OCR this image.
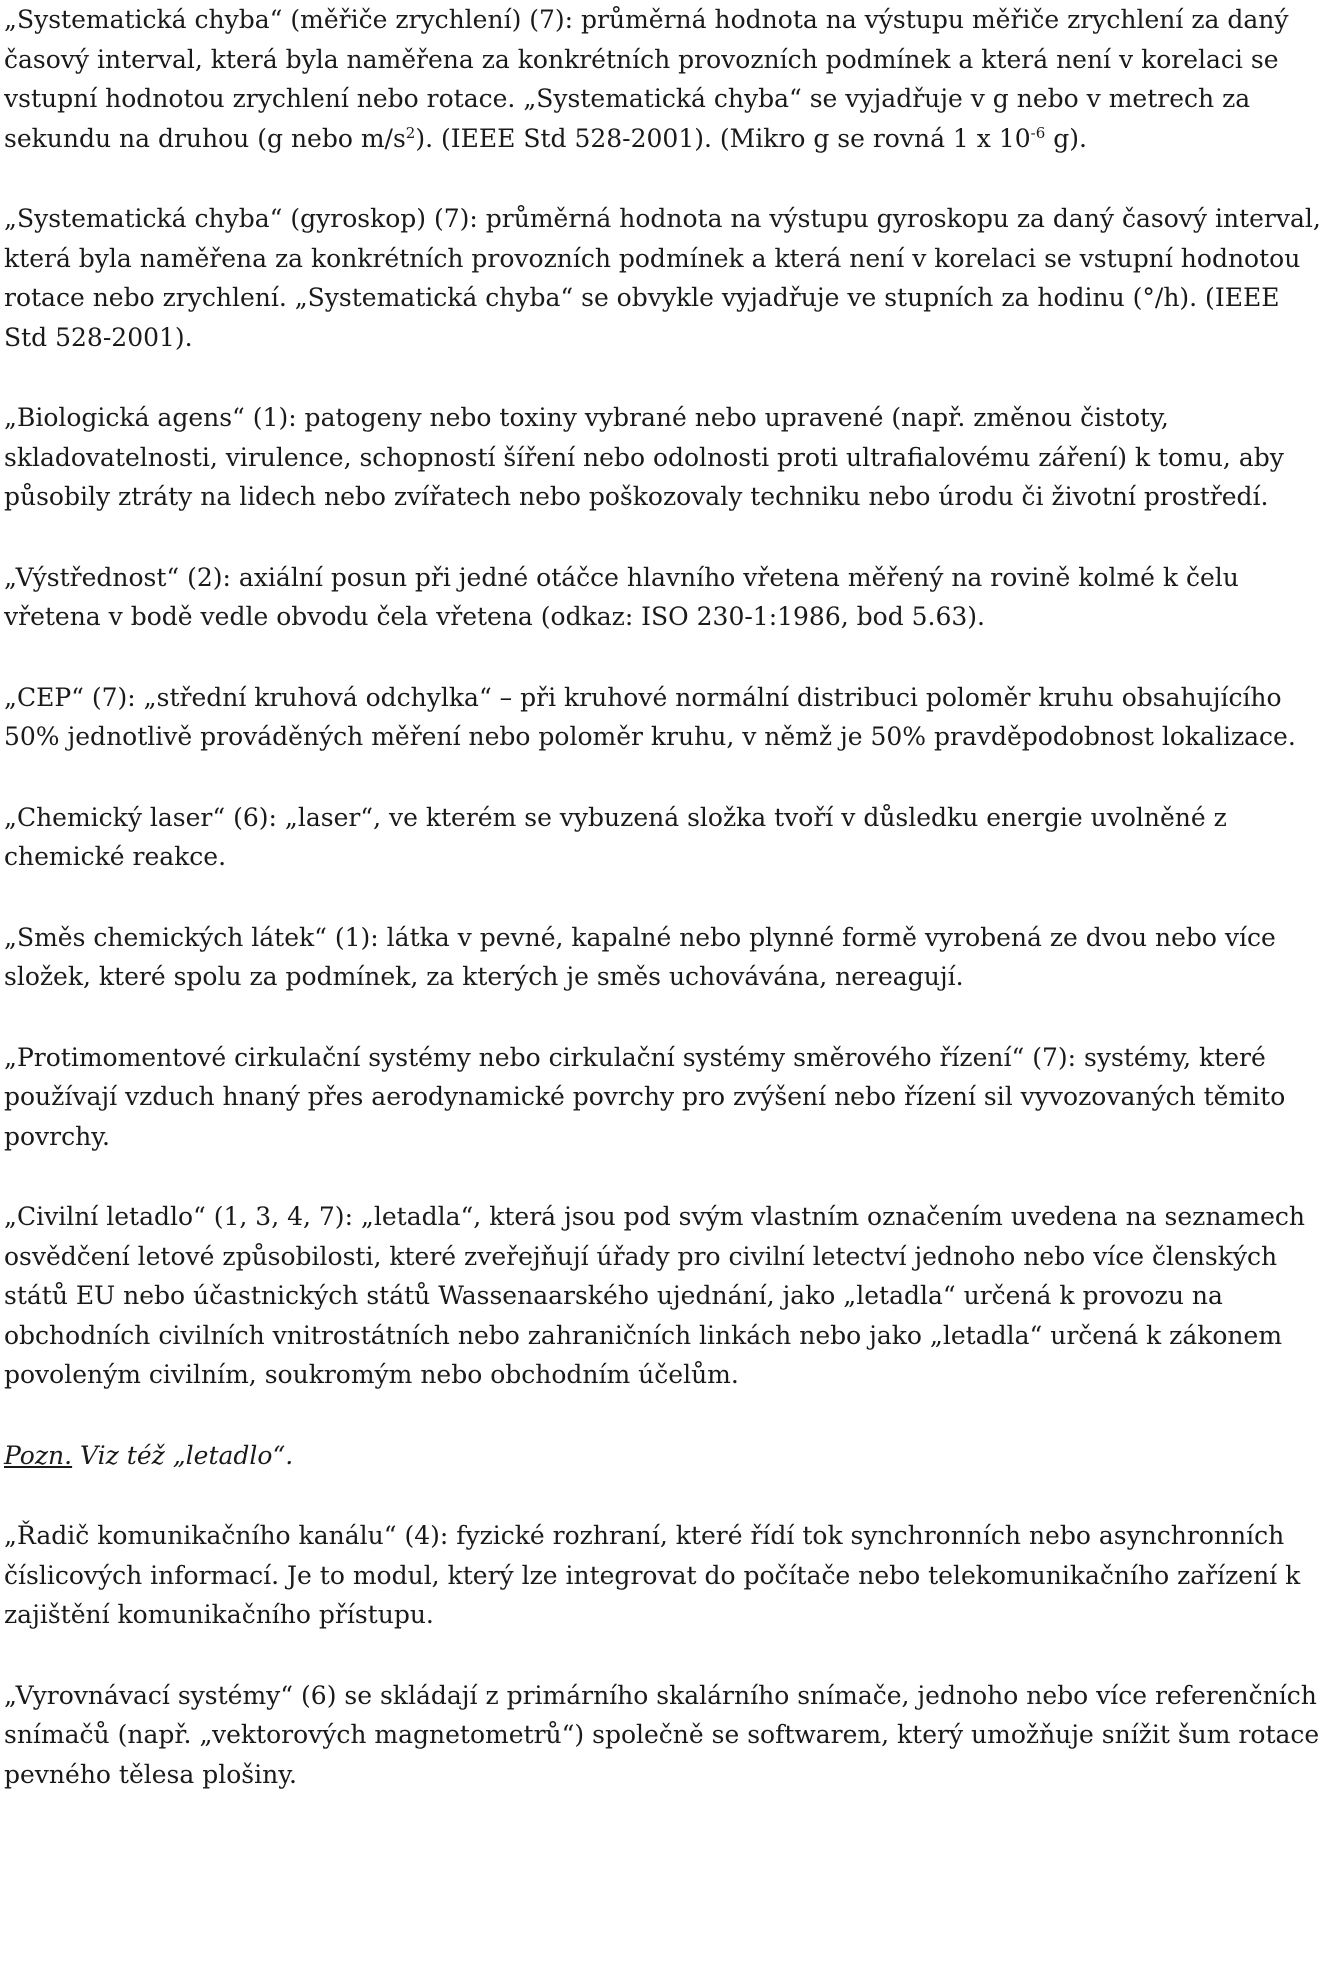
„Systematická chyba“ (měřiče zrychlení) (7): průměrná hodnota na výstupu měřiče zrychlení za daný časový interval, která byla naměřena za konkrétních provozních podmínek a která není v korelaci se vstupní hodnotou zrychlení nebo rotace. „Systematická chyba“ se vyjadřuje v g nebo v metrech za sekundu na druhou (g nebo $m/s^2$). (IEEE Std 528-2001). (Mikro g se rovná 1 x $10^{-6}$ g).

„Systematická chyba“ (gyroskop) (7): průměrná hodnota na výstupu gyroskopu za daný časový interval, která byla naměřena za konkrétních provozních podmínek a která není v korelaci se vstupní hodnotou rotace nebo zrychlení. „Systematická chyba“ se obvykle vyjadřuje ve stupních za hodinu (°/h). (IEEE Std 528-2001).

„Biologická agens“ (1): patogeny nebo toxiny vybrané nebo upravené (např. změnou čistoty, skladovatelnosti, virulence, schopností šíření nebo odolnosti proti ultrafialovému záření) k tomu, aby působily ztráty na lidech nebo zvířatech nebo poškozovaly techniku nebo úrodu či životní prostředí.

„Výstřednost“ (2): axiální posun při jedné otáčce hlavního vřetena měřený na rovině kolmé k čelu vřetena v bodě vedle obvodu čela vřetena (odkaz: ISO 230-1:1986, bod 5.63).

„CEP“ (7): „střední kruhová odchylka“ – při kruhové normální distribuci poloměr kruhu obsahujícího 50% jednotlivě prováděných měření nebo poloměr kruhu, v němž je 50% pravděpodobnost lokalizace.

„Chemický laser“ (6): „laser“, ve kterém se vybuzená složka tvoří v důsledku energie uvolněné z chemické reakce.

„Směs chemických látek“ (1): látka v pevné, kapalné nebo plynné formě vyrobená ze dvou nebo více složek, které spolu za podmínek, za kterých je směs uchovávána, nereagují.

„Protimomentové cirkulační systémy nebo cirkulační systémy směrového řízení“ (7): systémy, které používají vzduch hnaný přes aerodynamické povrchy pro zvýšení nebo řízení sil vyvozovaných těmito povrchy.

„Civilní letadlo“ (1, 3, 4, 7): „letadla“, která jsou pod svým vlastním označením uvedena na seznamech osvědčení letové způsobilosti, které zveřejňují úřady pro civilní letectví jednoho nebo více členských států EU nebo účastnických států Wassenaarského ujednání, jako „letadla“ určená k provozu na obchodních civilních vnitrostátních nebo zahraničních linkách nebo jako „letadla“ určená k zákonem povoleným civilním, soukromým nebo obchodním účelům.

Pozn. Viz též „letadlo“.

„Řadič komunikačního kanálu“ (4): fyzické rozhraní, které řídí tok synchronních nebo asynchronních číslicových informací. Je to modul, který lze integrovat do počítače nebo telekomunikačního zařízení k zajištění komunikačního přístupu.

„Vyrovnávací systémy“ (6) se skládají z primárního skalárního snímače, jednoho nebo více referenčních snímačů (např. „vektorových magnetometrů“) společně se softwarem, který umožňuje snížit šum rotace pevného tělesa plošiny.
